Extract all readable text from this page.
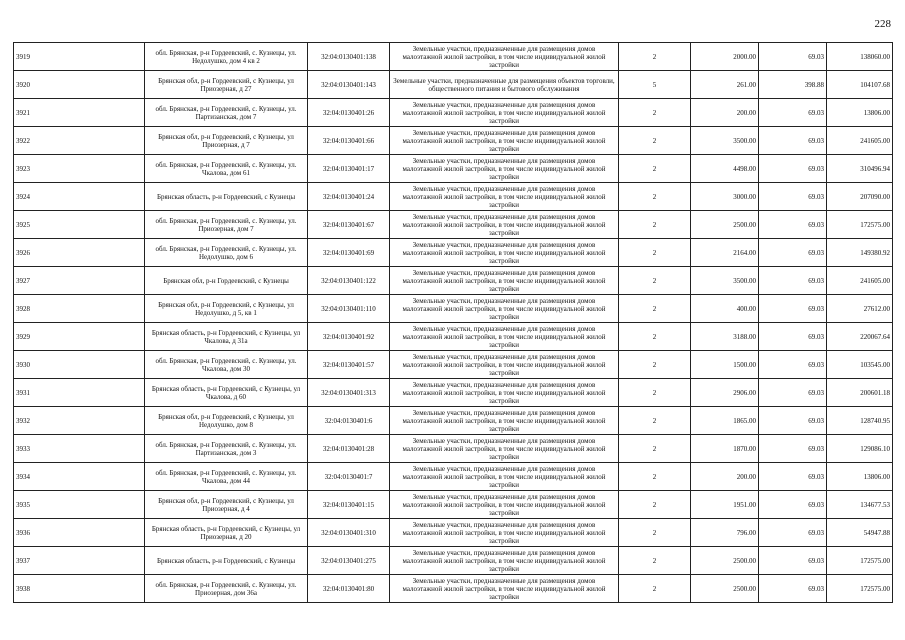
228
3919	обл. Брянская, р-н Гордеевский, с. Кузнецы, ул. Недолушко, дом 4 кв 2	32:04:0130401:138	Земельные участки, предназначенные для размещения домов малоэтажной жилой застройки, в том числе индивидуальной жилой застройки	2	2000.00	69.03	138060.00
3920	Брянская обл, р-н Гордеевский, с Кузнецы, ул Приозерная, д 27	32:04:0130401:143	Земельные участки, предназначенные для размещения объектов торговли, общественного питания и бытового обслуживания	5	261.00	398.88	104107.68
3921	обл. Брянская, р-н Гордеевский, с. Кузнецы, ул. Партизанская, дом 7	32:04:0130401:26	Земельные участки, предназначенные для размещения домов малоэтажной жилой застройки, в том числе индивидуальной жилой застройки	2	200.00	69.03	13806.00
3922	Брянская обл, р-н Гордеевский, с Кузнецы, ул Приозерная, д 7	32:04:0130401:66	Земельные участки, предназначенные для размещения домов малоэтажной жилой застройки, в том числе индивидуальной жилой застройки	2	3500.00	69.03	241605.00
3923	обл. Брянская, р-н Гордеевский, с. Кузнецы, ул. Чкалова, дом 61	32:04:0130401:17	Земельные участки, предназначенные для размещения домов малоэтажной жилой застройки, в том числе индивидуальной жилой застройки	2	4498.00	69.03	310496.94
3924	Брянская область, р-н Гордеевский, с Кузнецы	32:04:0130401:24	Земельные участки, предназначенные для размещения домов малоэтажной жилой застройки, в том числе индивидуальной жилой застройки	2	3000.00	69.03	207090.00
3925	обл. Брянская, р-н Гордеевский, с. Кузнецы, ул. Приозерная, дом 7	32:04:0130401:67	Земельные участки, предназначенные для размещения домов малоэтажной жилой застройки, в том числе индивидуальной жилой застройки	2	2500.00	69.03	172575.00
3926	обл. Брянская, р-н Гордеевский, с. Кузнецы, ул. Недолушко, дом 6	32:04:0130401:69	Земельные участки, предназначенные для размещения домов малоэтажной жилой застройки, в том числе индивидуальной жилой застройки	2	2164.00	69.03	149380.92
3927	Брянская обл, р-н Гордеевский, с Кузнецы	32:04:0130401:122	Земельные участки, предназначенные для размещения домов малоэтажной жилой застройки, в том числе индивидуальной жилой застройки	2	3500.00	69.03	241605.00
3928	Брянская обл, р-н Гордеевский, с Кузнецы, ул Недолушко, д 5, кв 1	32:04:0130401:110	Земельные участки, предназначенные для размещения домов малоэтажной жилой застройки, в том числе индивидуальной жилой застройки	2	400.00	69.03	27612.00
3929	Брянская область, р-н Гордеевский, с Кузнецы, ул Чкалова, д 31а	32:04:0130401:92	Земельные участки, предназначенные для размещения домов малоэтажной жилой застройки, в том числе индивидуальной жилой застройки	2	3188.00	69.03	220067.64
3930	обл. Брянская, р-н Гордеевский, с. Кузнецы, ул. Чкалова, дом 30	32:04:0130401:57	Земельные участки, предназначенные для размещения домов малоэтажной жилой застройки, в том числе индивидуальной жилой застройки	2	1500.00	69.03	103545.00
3931	Брянская область, р-н Гордеевский, с Кузнецы, ул Чкалова, д 60	32:04:0130401:313	Земельные участки, предназначенные для размещения домов малоэтажной жилой застройки, в том числе индивидуальной жилой застройки	2	2906.00	69.03	200601.18
3932	Брянская обл, р-н Гордеевский, с Кузнецы, ул Недолушко, дом 8	32:04:0130401:6	Земельные участки, предназначенные для размещения домов малоэтажной жилой застройки, в том числе индивидуальной жилой застройки	2	1865.00	69.03	128740.95
3933	обл. Брянская, р-н Гордеевский, с. Кузнецы, ул. Партизанская, дом 3	32:04:0130401:28	Земельные участки, предназначенные для размещения домов малоэтажной жилой застройки, в том числе индивидуальной жилой застройки	2	1870.00	69.03	129086.10
3934	обл. Брянская, р-н Гордеевский, с. Кузнецы, ул. Чкалова, дом 44	32:04:0130401:7	Земельные участки, предназначенные для размещения домов малоэтажной жилой застройки, в том числе индивидуальной жилой застройки	2	200.00	69.03	13806.00
3935	Брянская обл, р-н Гордеевский, с Кузнецы, ул Приозерная, д 4	32:04:0130401:15	Земельные участки, предназначенные для размещения домов малоэтажной жилой застройки, в том числе индивидуальной жилой застройки	2	1951.00	69.03	134677.53
3936	Брянская область, р-н Гордеевский, с Кузнецы, ул Приозерная, д 20	32:04:0130401:310	Земельные участки, предназначенные для размещения домов малоэтажной жилой застройки, в том числе индивидуальной жилой застройки	2	796.00	69.03	54947.88
3937	Брянская область, р-н Гордеевский, с Кузнецы	32:04:0130401:275	Земельные участки, предназначенные для размещения домов малоэтажной жилой застройки, в том числе индивидуальной жилой застройки	2	2500.00	69.03	172575.00
3938	обл. Брянская, р-н Гордеевский, с. Кузнецы, ул. Приозерная, дом 36а	32:04:0130401:80	Земельные участки, предназначенные для размещения домов малоэтажной жилой застройки, в том числе индивидуальной жилой застройки	2	2500.00	69.03	172575.00
